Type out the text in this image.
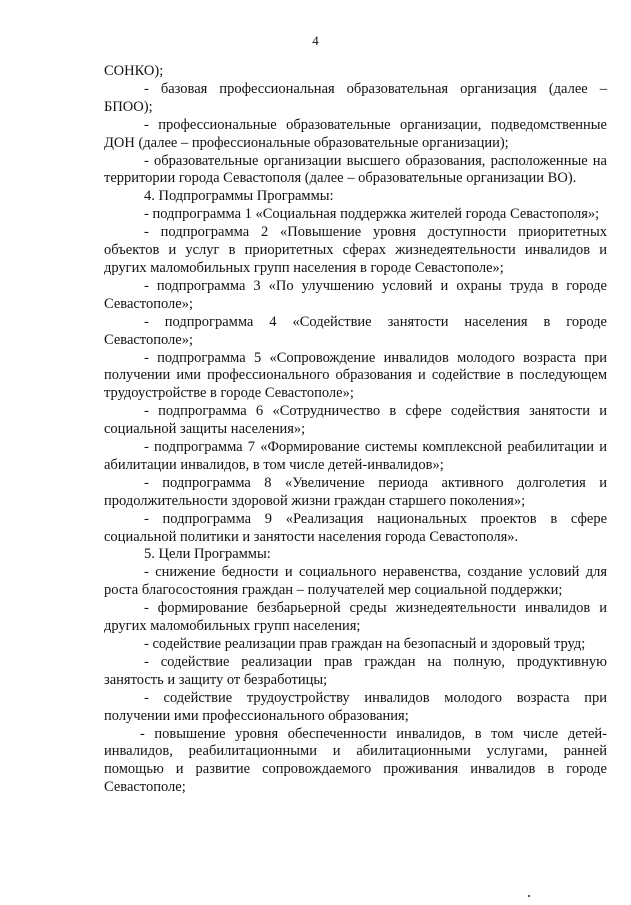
4

СОНКО);

- базовая профессиональная образовательная организация (далее – БПОО);

- профессиональные образовательные организации, подведомственные ДОН (далее – профессиональные образовательные организации);

- образовательные организации высшего образования, расположенные на территории города Севастополя (далее – образовательные организации ВО).

4. Подпрограммы Программы:

- подпрограмма 1 «Социальная поддержка жителей города Севастополя»;

- подпрограмма 2 «Повышение уровня доступности приоритетных объектов и услуг в приоритетных сферах жизнедеятельности инвалидов и других маломобильных групп населения в городе Севастополе»;

- подпрограмма 3 «По улучшению условий и охраны труда в городе Севастополе»;

- подпрограмма 4 «Содействие занятости населения в городе Севастополе»;

- подпрограмма 5 «Сопровождение инвалидов молодого возраста при получении ими профессионального образования и содействие в последующем трудоустройстве в городе Севастополе»;

- подпрограмма 6 «Сотрудничество в сфере содействия занятости и социальной защиты населения»;

- подпрограмма 7 «Формирование системы комплексной реабилитации и абилитации инвалидов, в том числе детей-инвалидов»;

- подпрограмма 8 «Увеличение периода активного долголетия и продолжительности здоровой жизни граждан старшего поколения»;

- подпрограмма 9 «Реализация национальных проектов в сфере социальной политики и занятости населения города Севастополя».

5. Цели Программы:

- снижение бедности и социального неравенства, создание условий для роста благосостояния граждан – получателей мер социальной поддержки;

- формирование безбарьерной среды жизнедеятельности инвалидов и других маломобильных групп населения;

- содействие реализации прав граждан на безопасный и здоровый труд;

- содействие реализации прав граждан на полную, продуктивную занятость и защиту от безработицы;

- содействие трудоустройству инвалидов молодого возраста при получении ими профессионального образования;

- повышение уровня обеспеченности инвалидов, в том числе детей-инвалидов, реабилитационными и абилитационными услугами, ранней помощью и развитие сопровождаемого проживания инвалидов в городе Севастополе;
